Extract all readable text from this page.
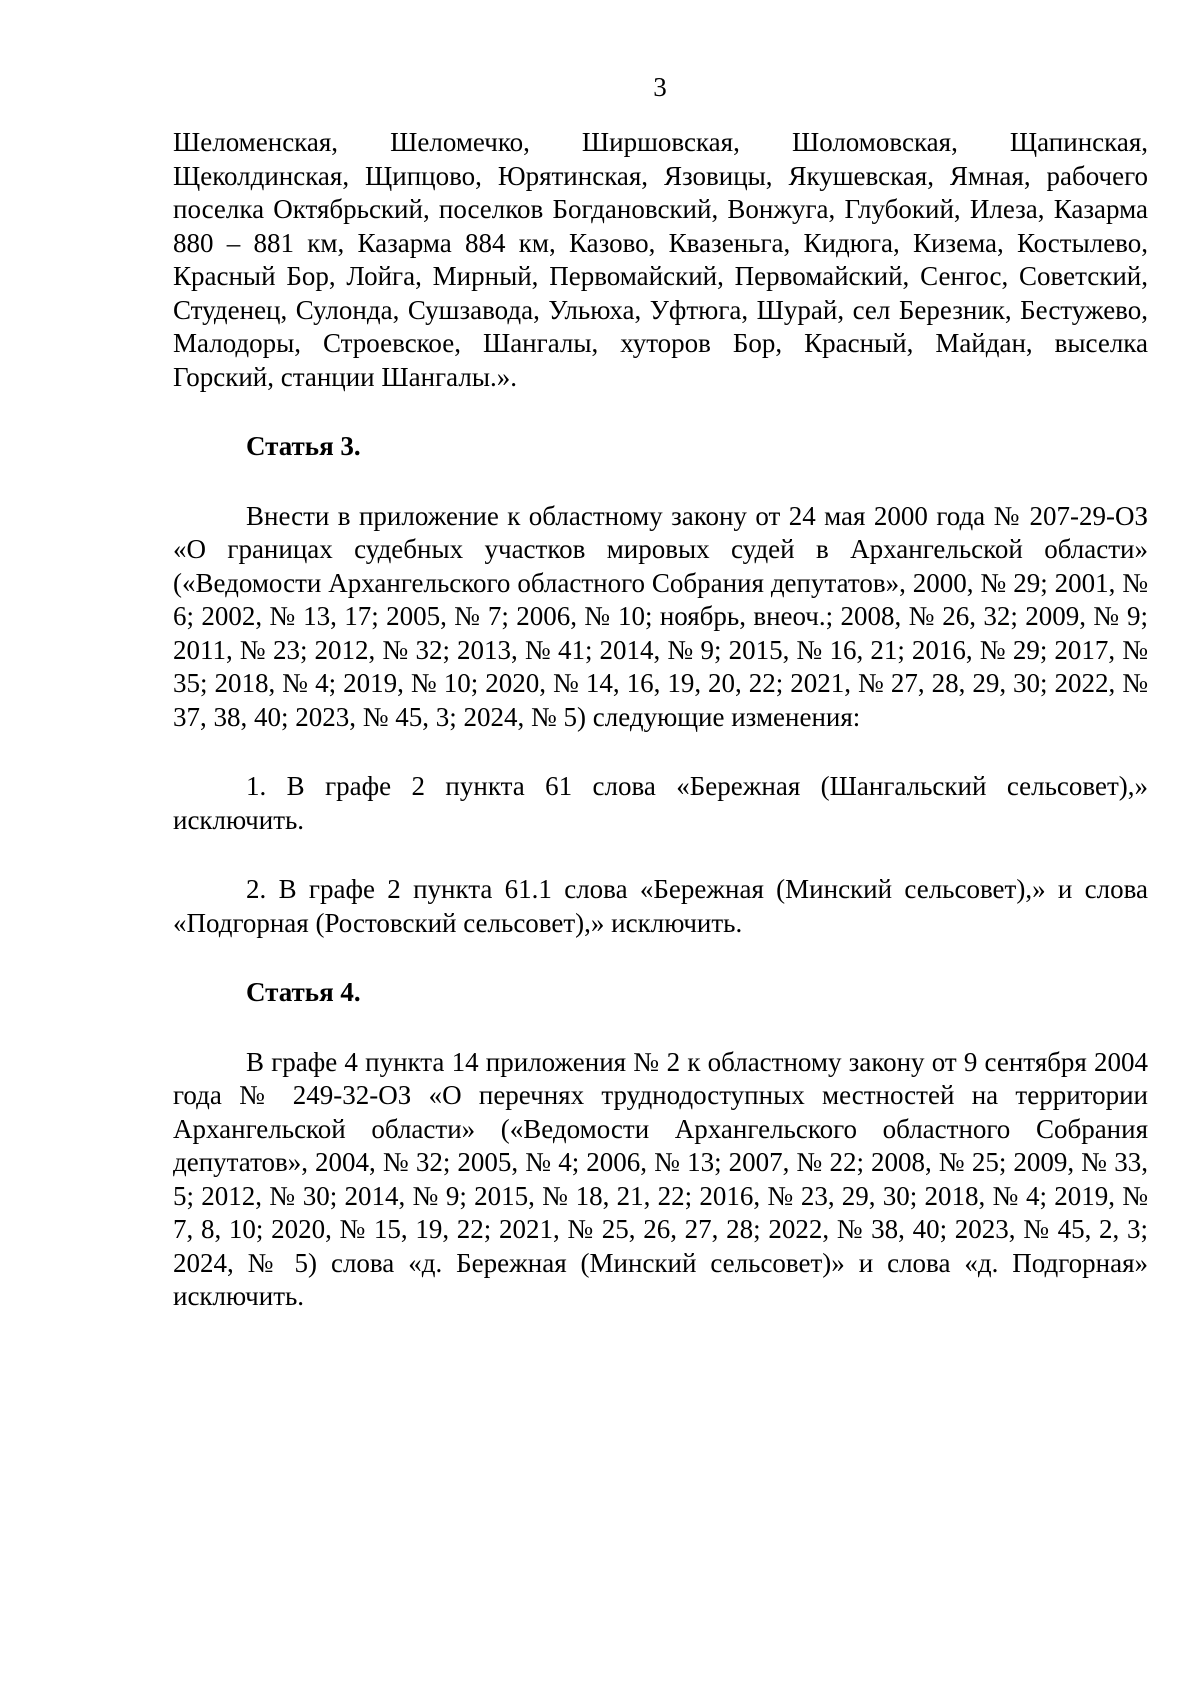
3

Шеломенская, Шеломечко, Ширшовская, Шоломовская, Щапинская, Щеколдинская, Щипцово, Юрятинская, Язовицы, Якушевская, Ямная, рабочего поселка Октябрьский, поселков Богдановский, Вонжуга, Глубокий, Илеза, Казарма 880 – 881 км, Казарма 884 км, Казово, Квазеньга, Кидюга, Кизема, Костылево, Красный Бор, Лойга, Мирный, Первомайский, Первомайский, Сенгос, Советский, Студенец, Сулонда, Сушзавода, Ульюха, Уфтюга, Шурай, сел Березник, Бестужево, Малодоры, Строевское, Шангалы, хуторов Бор, Красный, Майдан, выселка Горский, станции Шангалы.».

Статья 3.

Внести в приложение к областному закону от 24 мая 2000 года № 207-29-ОЗ «О границах судебных участков мировых судей в Архангельской области» («Ведомости Архангельского областного Собрания депутатов», 2000, № 29; 2001, № 6; 2002, № 13, 17; 2005, № 7; 2006, № 10; ноябрь, внеоч.; 2008, № 26, 32; 2009, № 9; 2011, № 23; 2012, № 32; 2013, № 41; 2014, № 9; 2015, № 16, 21; 2016, № 29; 2017, № 35; 2018, № 4; 2019, № 10; 2020, № 14, 16, 19, 20, 22; 2021, № 27, 28, 29, 30; 2022, № 37, 38, 40; 2023, № 45, 3; 2024, № 5) следующие изменения:

1. В графе 2 пункта 61 слова «Бережная (Шангальский сельсовет),» исключить.

2. В графе 2 пункта 61.1 слова «Бережная (Минский сельсовет),» и слова «Подгорная (Ростовский сельсовет),» исключить.

Статья 4.

В графе 4 пункта 14 приложения № 2 к областному закону от 9 сентября 2004 года № 249-32-ОЗ «О перечнях труднодоступных местностей на территории Архангельской области» («Ведомости Архангельского областного Собрания депутатов», 2004, № 32; 2005, № 4; 2006, № 13; 2007, № 22; 2008, № 25; 2009, № 33, 5; 2012, № 30; 2014, № 9; 2015, № 18, 21, 22; 2016, № 23, 29, 30; 2018, № 4; 2019, № 7, 8, 10; 2020, № 15, 19, 22; 2021, № 25, 26, 27, 28; 2022, № 38, 40; 2023, № 45, 2, 3; 2024, № 5) слова «д. Бережная (Минский сельсовет)» и слова «д. Подгорная» исключить.
